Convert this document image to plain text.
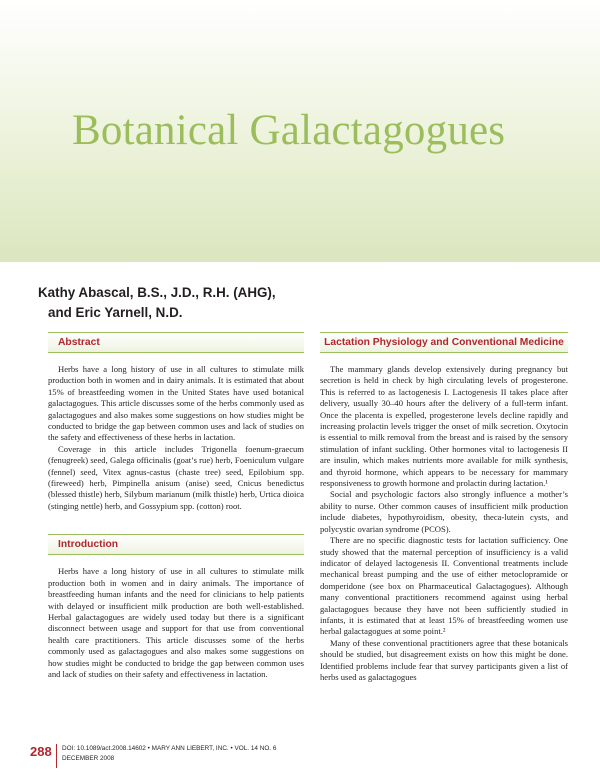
Botanical Galactagogues
Kathy Abascal, B.S., J.D., R.H. (AHG),
and Eric Yarnell, N.D.
Abstract

Herbs have a long history of use in all cultures to stimulate milk production both in women and in dairy animals. It is estimated that about 15% of breastfeeding women in the United States have used botanical galactagogues. This article discusses some of the herbs commonly used as galactagogues and also makes some suggestions on how studies might be conducted to bridge the gap between common uses and lack of studies on the safety and effectiveness of these herbs in lactation.

Coverage in this article includes Trigonella foenum-graecum (fenugreek) seed, Galega officinalis (goat’s rue) herb, Foeniculum vulgare (fennel) seed, Vitex agnus-castus (chaste tree) seed, Epilobium spp. (fireweed) herb, Pimpinella anisum (anise) seed, Cnicus benedictus (blessed thistle) herb, Silybum marianum (milk thistle) herb, Urtica dioica (stinging nettle) herb, and Gossypium spp. (cotton) root.

Introduction

Herbs have a long history of use in all cultures to stimulate milk production both in women and in dairy animals. The importance of breastfeeding human infants and the need for clinicians to help patients with delayed or insufficient milk production are both well-established. Herbal galactagogues are widely used today but there is a significant disconnect between usage and support for that use from conventional health care practitioners. This article discusses some of the herbs commonly used as galactagogues and also makes some suggestions on how studies might be conducted to bridge the gap between common uses and lack of studies on their safety and effectiveness in lactation.

Lactation Physiology and Conventional Medicine

The mammary glands develop extensively during pregnancy but secretion is held in check by high circulating levels of progesterone. This is referred to as lactogenesis I. Lactogenesis II takes place after delivery, usually 30–40 hours after the delivery of a full-term infant. Once the placenta is expelled, progesterone levels decline rapidly and increasing prolactin levels trigger the onset of milk secretion. Oxytocin is essential to milk removal from the breast and is raised by the sensory stimulation of infant suckling. Other hormones vital to lactogenesis II are insulin, which makes nutrients more available for milk synthesis, and thyroid hormone, which appears to be necessary for mammary responsiveness to growth hormone and prolactin during lactation.¹

Social and psychologic factors also strongly influence a mother’s ability to nurse. Other common causes of insufficient milk production include diabetes, hypothyroidism, obesity, theca-lutein cysts, and polycystic ovarian syndrome (PCOS).

There are no specific diagnostic tests for lactation sufficiency. One study showed that the maternal perception of insufficiency is a valid indicator of delayed lactogenesis II. Conventional treatments include mechanical breast pumping and the use of either metoclopramide or domperidone (see box on Pharmaceutical Galactagogues). Although many conventional practitioners recommend against using herbal galactagogues because they have not been sufficiently studied in infants, it is estimated that at least 15% of breastfeeding women use herbal galactagogues at some point.²

Many of these conventional practitioners agree that these botanicals should be studied, but disagreement exists on how this might be done. Identified problems include fear that survey participants given a list of herbs used as galactagogues

288 DOI: 10.1089/act.2008.14602 • MARY ANN LIEBERT, INC. • VOL. 14 NO. 6
DECEMBER 2008
